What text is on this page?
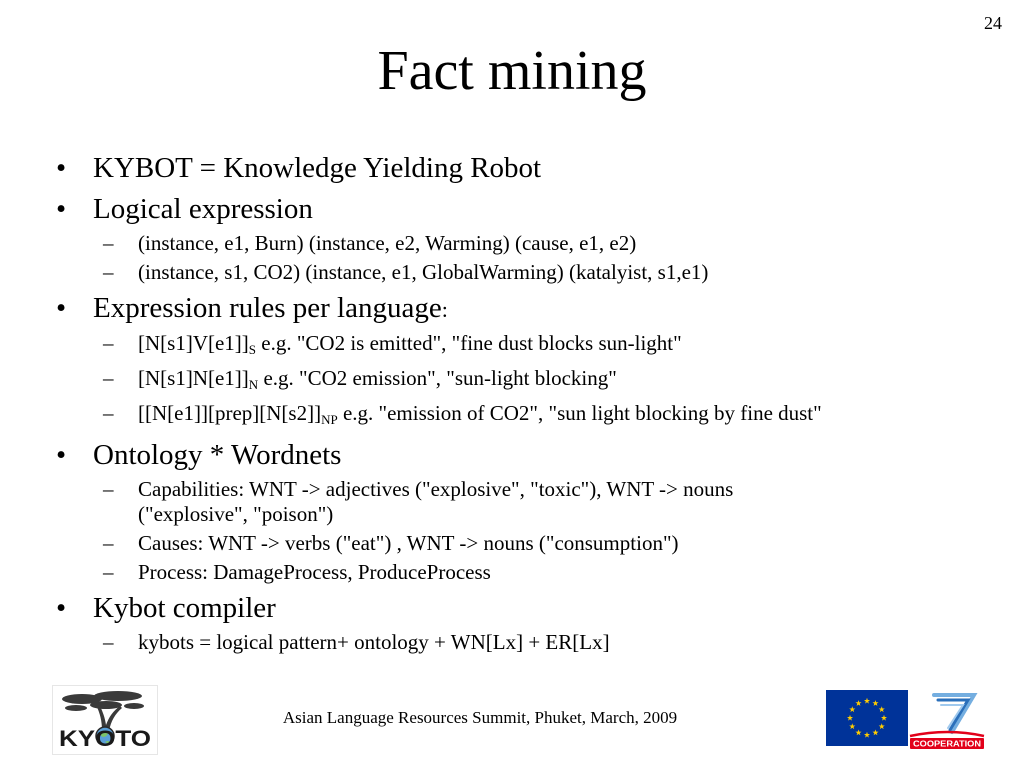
24
Fact mining
• KYBOT = Knowledge Yielding Robot
• Logical expression
– (instance, e1, Burn) (instance, e2, Warming) (cause, e1, e2)
– (instance, s1, CO2) (instance, e1, GlobalWarming) (katalyist, s1,e1)
• Expression rules per language:
– $[N[s1]V[e1]]_S$ e.g. "CO2 is emitted", "fine dust blocks sun-light"
– $[N[s1]N[e1]]_N$ e.g. "CO2 emission", "sun-light blocking"
– [$[N[e1]][prep][N[s2]]_{NP}$ e.g. "emission of CO2", "sun light blocking by fine dust"
• Ontology * Wordnets
– Capabilities: WNT -> adjectives ("explosive", "toxic"), WNT -> nouns
("explosive", "poison")
– Causes: WNT -> verbs ("eat") , WNT -> nouns ("consumption")
– Process: DamageProcess, ProduceProcess
• Kybot compiler
– kybots = logical pattern+ ontology + WN[Lx] + ER[Lx]
Asian Language Resources Summit, Phuket, March, 2009
KYOTO	COOPERATION
